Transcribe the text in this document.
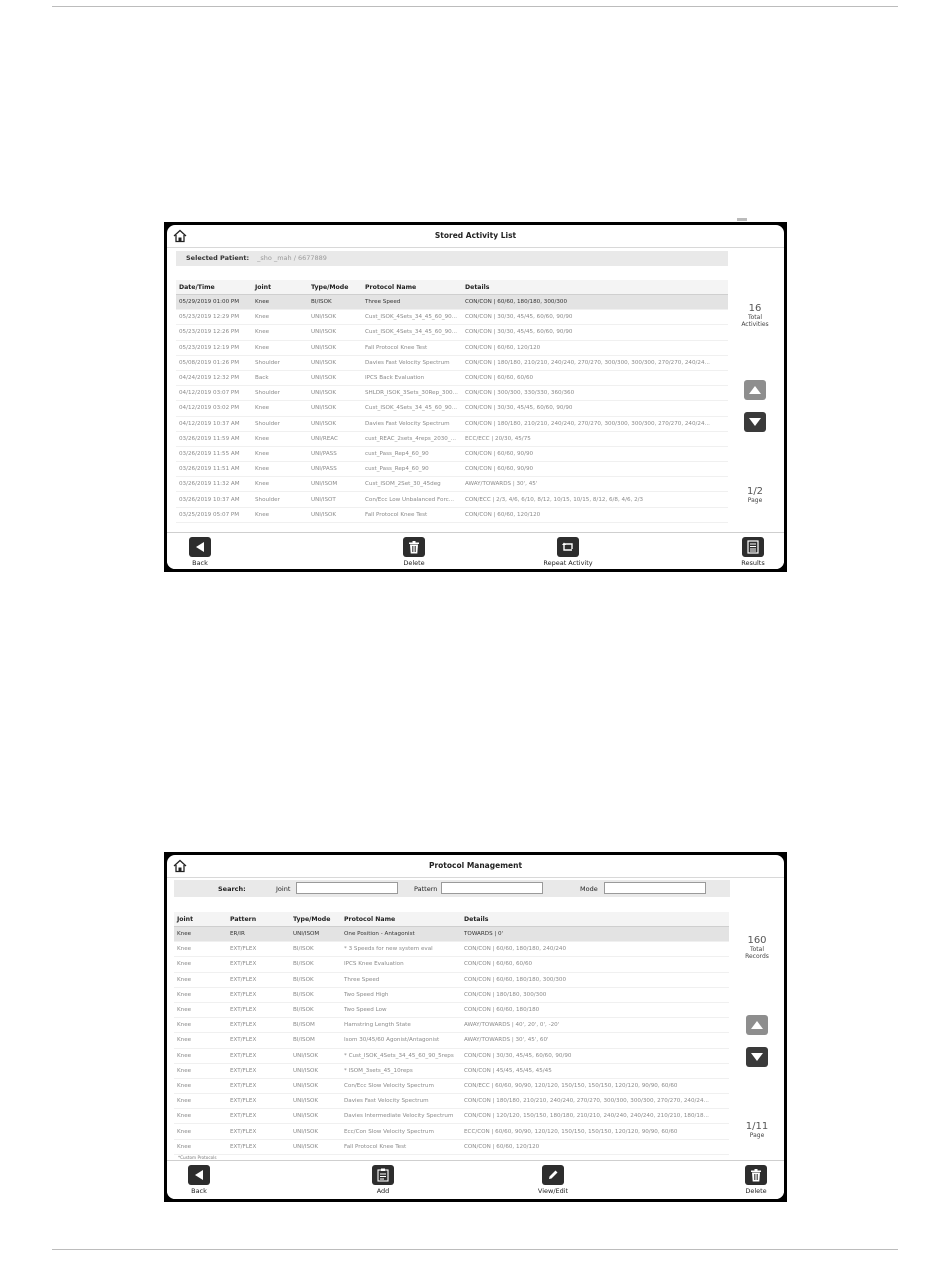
Stored Activity List
Selected Patient: _sho _mah / 6677889
Date/Time	Joint	Type/Mode	Protocol Name	Details
05/29/2019 01:00 PM	Knee	BI/ISOK	Three Speed	CON/CON | 60/60, 180/180, 300/300
05/23/2019 12:29 PM	Knee	UNI/ISOK	Cust_ISOK_4Sets_34_45_60_90...	CON/CON | 30/30, 45/45, 60/60, 90/90
05/23/2019 12:26 PM	Knee	UNI/ISOK	Cust_ISOK_4Sets_34_45_60_90...	CON/CON | 30/30, 45/45, 60/60, 90/90
05/23/2019 12:19 PM	Knee	UNI/ISOK	Fall Protocol Knee Test	CON/CON | 60/60, 120/120
05/08/2019 01:26 PM	Shoulder	UNI/ISOK	Davies Fast Velocity Spectrum	CON/CON | 180/180, 210/210, 240/240, 270/270, 300/300, 300/300, 270/270, 240/24...
04/24/2019 12:32 PM	Back	UNI/ISOK	IPCS Back Evaluation	CON/CON | 60/60, 60/60
04/12/2019 03:07 PM	Shoulder	UNI/ISOK	SHLDR_ISOK_3Sets_30Rep_300...	CON/CON | 300/300, 330/330, 360/360
04/12/2019 03:02 PM	Knee	UNI/ISOK	Cust_ISOK_4Sets_34_45_60_90...	CON/CON | 30/30, 45/45, 60/60, 90/90
04/12/2019 10:37 AM	Shoulder	UNI/ISOK	Davies Fast Velocity Spectrum	CON/CON | 180/180, 210/210, 240/240, 270/270, 300/300, 300/300, 270/270, 240/24...
03/26/2019 11:59 AM	Knee	UNI/REAC	cust_REAC_2sets_4reps_2030_...	ECC/ECC | 20/30, 45/75
03/26/2019 11:55 AM	Knee	UNI/PASS	cust_Pass_Rep4_60_90	CON/CON | 60/60, 90/90
03/26/2019 11:51 AM	Knee	UNI/PASS	cust_Pass_Rep4_60_90	CON/CON | 60/60, 90/90
03/26/2019 11:32 AM	Knee	UNI/ISOM	Cust_ISOM_2Set_30_45deg	AWAY/TOWARDS | 30', 45'
03/26/2019 10:37 AM	Shoulder	UNI/ISOT	Con/Ecc Low Unbalanced Forc...	CON/ECC | 2/3, 4/6, 6/10, 8/12, 10/15, 10/15, 8/12, 6/8, 4/6, 2/3
03/25/2019 05:07 PM	Knee	UNI/ISOK	Fall Protocol Knee Test	CON/CON | 60/60, 120/120
16
Total
Activities
1/2
Page
Back	Delete	Repeat Activity	Results
Protocol Management
Search:	Joint	Pattern	Mode
Joint	Pattern	Type/Mode	Protocol Name	Details
Knee	ER/IR	UNI/ISOM	One Position - Antagonist	TOWARDS | 0'
Knee	EXT/FLEX	BI/ISOK	* 3 Speeds for new system eval	CON/CON | 60/60, 180/180, 240/240
Knee	EXT/FLEX	BI/ISOK	IPCS Knee Evaluation	CON/CON | 60/60, 60/60
Knee	EXT/FLEX	BI/ISOK	Three Speed	CON/CON | 60/60, 180/180, 300/300
Knee	EXT/FLEX	BI/ISOK	Two Speed High	CON/CON | 180/180, 300/300
Knee	EXT/FLEX	BI/ISOK	Two Speed Low	CON/CON | 60/60, 180/180
Knee	EXT/FLEX	BI/ISOM	Hamstring Length State	AWAY/TOWARDS | 40', 20', 0', -20'
Knee	EXT/FLEX	BI/ISOM	Isom 30/45/60 Agonist/Antagonist	AWAY/TOWARDS | 30', 45', 60'
Knee	EXT/FLEX	UNI/ISOK	* Cust_ISOK_4Sets_34_45_60_90_5reps	CON/CON | 30/30, 45/45, 60/60, 90/90
Knee	EXT/FLEX	UNI/ISOK	* ISOM_3sets_45_10reps	CON/CON | 45/45, 45/45, 45/45
Knee	EXT/FLEX	UNI/ISOK	Con/Ecc Slow Velocity Spectrum	CON/ECC | 60/60, 90/90, 120/120, 150/150, 150/150, 120/120, 90/90, 60/60
Knee	EXT/FLEX	UNI/ISOK	Davies Fast Velocity Spectrum	CON/CON | 180/180, 210/210, 240/240, 270/270, 300/300, 300/300, 270/270, 240/24...
Knee	EXT/FLEX	UNI/ISOK	Davies Intermediate Velocity Spectrum	CON/CON | 120/120, 150/150, 180/180, 210/210, 240/240, 240/240, 210/210, 180/18...
Knee	EXT/FLEX	UNI/ISOK	Ecc/Con Slow Velocity Spectrum	ECC/CON | 60/60, 90/90, 120/120, 150/150, 150/150, 120/120, 90/90, 60/60
Knee	EXT/FLEX	UNI/ISOK	Fall Protocol Knee Test	CON/CON | 60/60, 120/120
*Custom Protocols
160
Total
Records
1/11
Page
Back	Add	View/Edit	Delete
